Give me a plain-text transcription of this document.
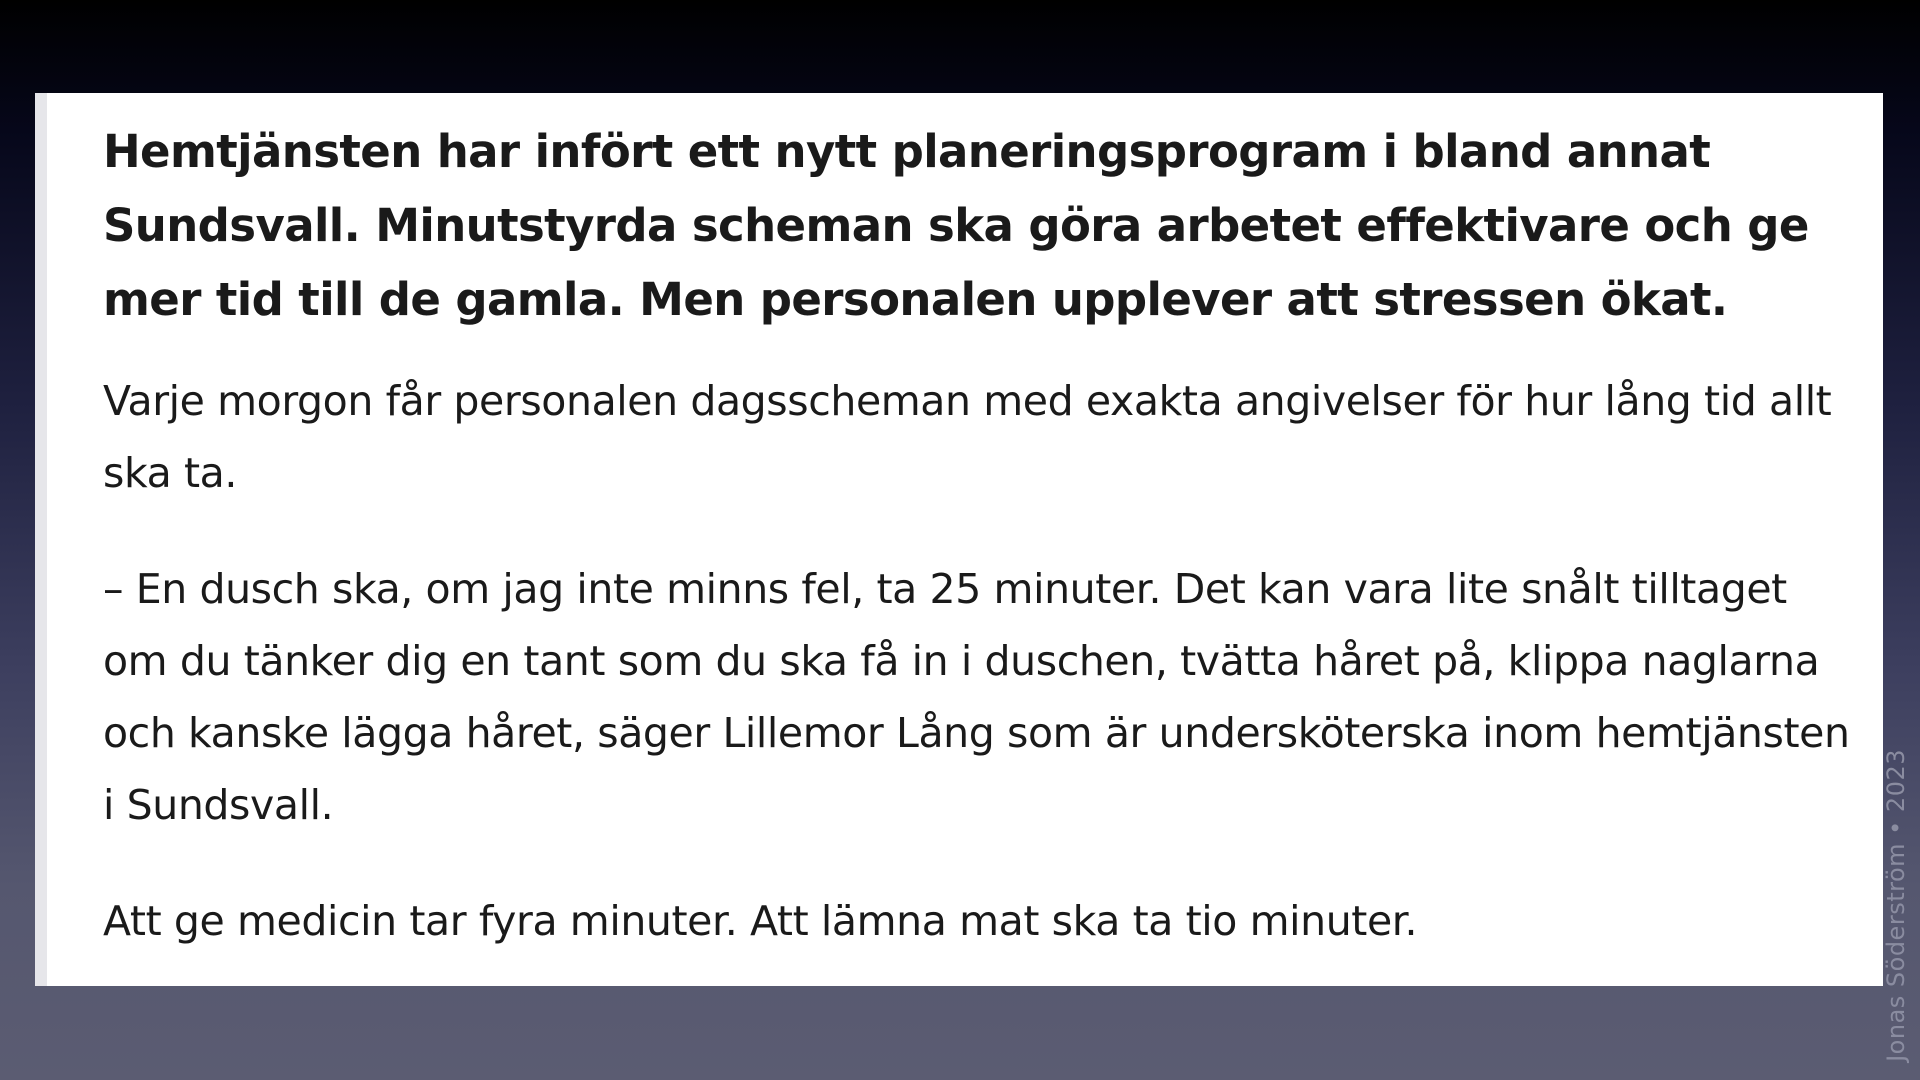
Hemtjänsten har infört ett nytt planeringsprogram i bland annat Sundsvall. Minutstyrda scheman ska göra arbetet effektivare och ge mer tid till de gamla. Men personalen upplever att stressen ökat.

Varje morgon får personalen dagsscheman med exakta angivelser för hur lång tid allt ska ta.

– En dusch ska, om jag inte minns fel, ta 25 minuter. Det kan vara lite snålt tilltaget om du tänker dig en tant som du ska få in i duschen, tvätta håret på, klippa naglarna och kanske lägga håret, säger Lillemor Lång som är undersköterska inom hemtjänsten i Sundsvall.

Att ge medicin tar fyra minuter. Att lämna mat ska ta tio minuter.	Jonas Söderström • 2023
